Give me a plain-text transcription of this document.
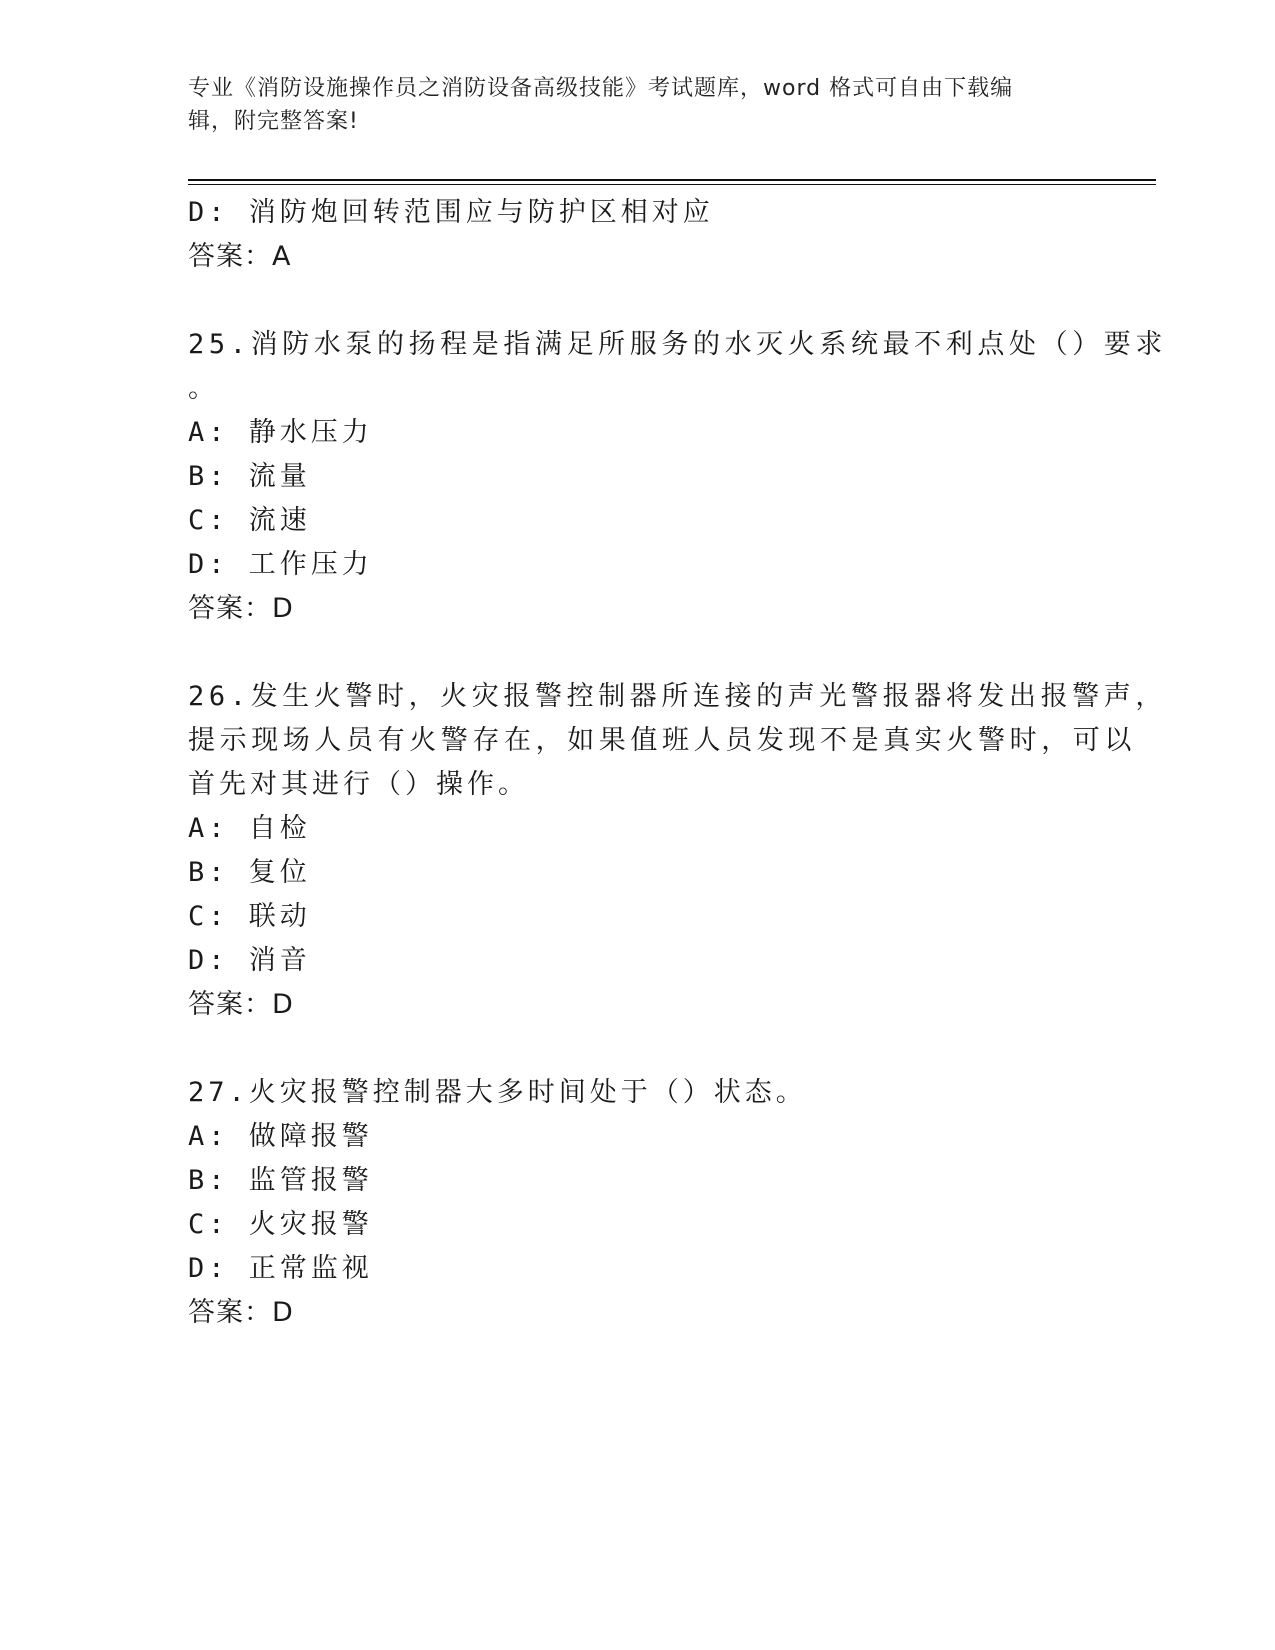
专业《消防设施操作员之消防设备高级技能》考试题库，word 格式可自由下载编
辑，附完整答案!
D: 消防炮回转范围应与防护区相对应
答案：A
25.消防水泵的扬程是指满足所服务的水灭火系统最不利点处（）要求
。
A: 静水压力
B: 流量
C: 流速
D: 工作压力
答案：D
26.发生火警时，火灾报警控制器所连接的声光警报器将发出报警声，
提示现场人员有火警存在，如果值班人员发现不是真实火警时，可以
首先对其进行（）操作。
A: 自检
B: 复位
C: 联动
D: 消音
答案：D
27.火灾报警控制器大多时间处于（）状态。
A: 做障报警
B: 监管报警
C: 火灾报警
D: 正常监视
答案：D
